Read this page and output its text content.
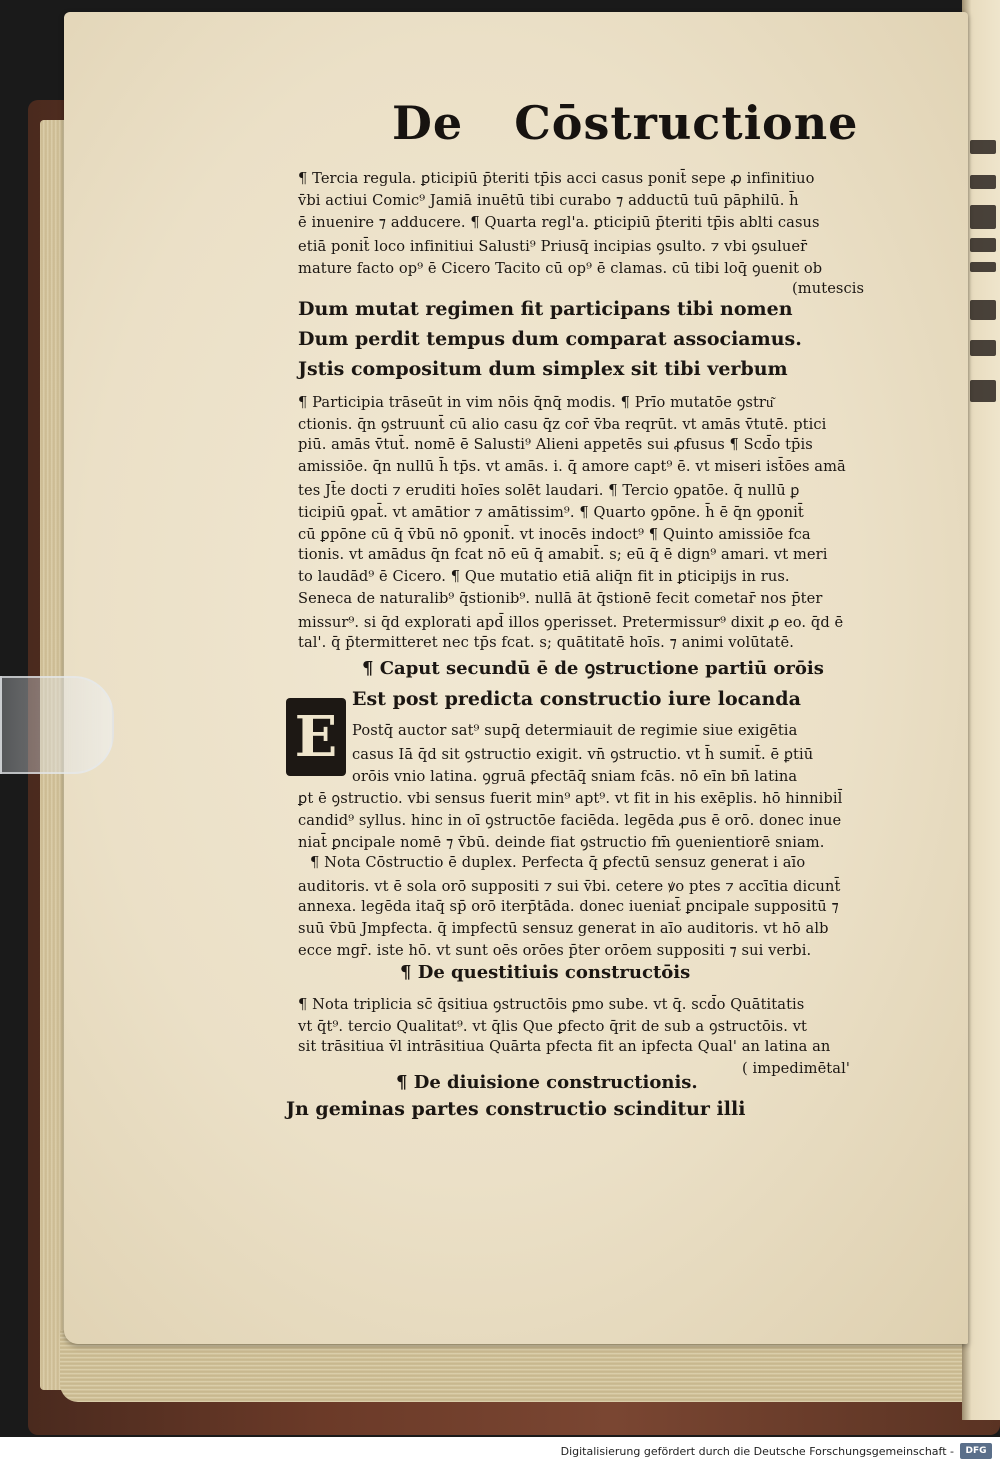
De Cōstructione
¶ Tercia regula. ꝑticipiū p̄teriti tp̄is acci casus ponit̄ sepe ꝓ infinitiuo
v̄bi actiui Comic⁹ Jamiā inuētū tibi curabo ⁊ adductū tuū pāphilū. h̄
ē inuenire ⁊ adducere. ¶ Quarta regl'a. ꝑticipiū p̄teriti tp̄is ablti casus
etiā ponit̄ loco infinitiui Salusti⁹ Priusq̄ incipias ꝯsulto. ⁊ vbi ꝯsuluer̄
mature facto op⁹ ē Cicero Tacito cū op⁹ ē clamas. cū tibi loq̄ ꝯuenit ob
(mutescis
Dum mutat regimen fit participans tibi nomen
Dum perdit tempus dum comparat associamus.
Jstis compositum dum simplex sit tibi verbum
¶ Participia trāseūt in vim nōis q̄nq̄ modis. ¶ Prīo mutatōe ꝯstru͂
ctionis. q̄n ꝯstruunt̄ cū alio casu q̄z cor̄ v̄ba reqrūt. vt amās v̄tutē. ptici
piū. amās v̄tut̄. nomē ē Salusti⁹ Alieni appetēs sui ꝓfusus ¶ Scd̄o tp̄is
amissiōe. q̄n nullū h̄ tp̄s. vt amās. i. q̄ amore capt⁹ ē. vt miseri ist̄ōes amā
tes Jt̄e docti ⁊ eruditi hoīes solēt laudari. ¶ Tercio ꝯpatōe. q̄ nullū ꝑ
ticipiū ꝯpat̄. vt amātior ⁊ amātissim⁹. ¶ Quarto ꝯpōne. h̄ ē q̄n ꝯponit̄
cū ꝑpōne cū q̄ v̄bū nō ꝯponit̄. vt inocēs indoct⁹ ¶ Quinto amissiōe fca
tionis. vt amādus q̄n fcat nō eū q̄ amabit̄. s; eū q̄ ē dign⁹ amari. vt meri
to laudād⁹ ē Cicero. ¶ Que mutatio etiā aliq̄n fit in ꝑticipijs in rus.
Seneca de naturalib⁹ q̄stionib⁹. nullā āt q̄stionē fecit cometar̄ nos p̄ter
missur⁹. si q̄d explorati apd̄ illos ꝯperisset. Pretermissur⁹ dixit ꝓ eo. q̄d ē
tal'. q̄ p̄termitteret nec tp̄s fcat. s; quātitatē hoīs. ⁊ animi volūtatē.
¶ Caput secundū ē de ꝯstructione partiū orōis
E
Est post predicta constructio iure locanda
Postq̄ auctor sat⁹ supq̄ determiauit de regimie siue exigētia
casus Iā q̄d sit ꝯstructio exigit. vn̄ ꝯstructio. vt h̄ sumit̄. ē ꝑtiū
orōis vnio latina. ꝯgruā ꝑfectāq̄ sniam fcās. nō eīn bn̄ latina
ꝑt ē ꝯstructio. vbi sensus fuerit min⁹ apt⁹. vt fit in his exēplis. hō hinnibil̄
candid⁹ syllus. hinc in oī ꝯstructōe faciēda. legēda ꝓus ē orō. donec inue
niat̄ ꝑncipale nomē ⁊ v̄bū. deinde fiat ꝯstructio fm̄ ꝯuenientiorē sniam.
¶ Nota Cōstructio ē duplex. Perfecta q̄ ꝑfectū sensuz generat i aīo
auditoris. vt ē sola orō suppositi ⁊ sui v̄bi. cetere ꝟo ptes ⁊ accītia dicunt̄
annexa. legēda itaq̄ sp̄ orō iterp̄tāda. donec iueniat̄ ꝑncipale suppositū ⁊
suū v̄bū Jmpfecta. q̄ impfectū sensuz generat in aīo auditoris. vt hō alb
ecce mgr̄. iste hō. vt sunt oēs orōes p̄ter orōem suppositi ⁊ sui verbi.
¶ De questitiuis constructōis
¶ Nota triplicia sc̄ q̄sitiua ꝯstructōis ꝑmo sube. vt q̄. scd̄o Quātitatis
vt q̄t⁹. tercio Qualitat⁹. vt q̄lis Que ꝑfecto q̄rit de sub a ꝯstructōis. vt
sit trāsitiua v̄l intrāsitiua Quārta pfecta fit an ipfecta Qual' an latina an
( impedimētal'
¶ De diuisione constructionis.
Jn geminas partes constructio scinditur illi
Digitalisierung gefördert durch die Deutsche Forschungsgemeinschaft -	DFG
